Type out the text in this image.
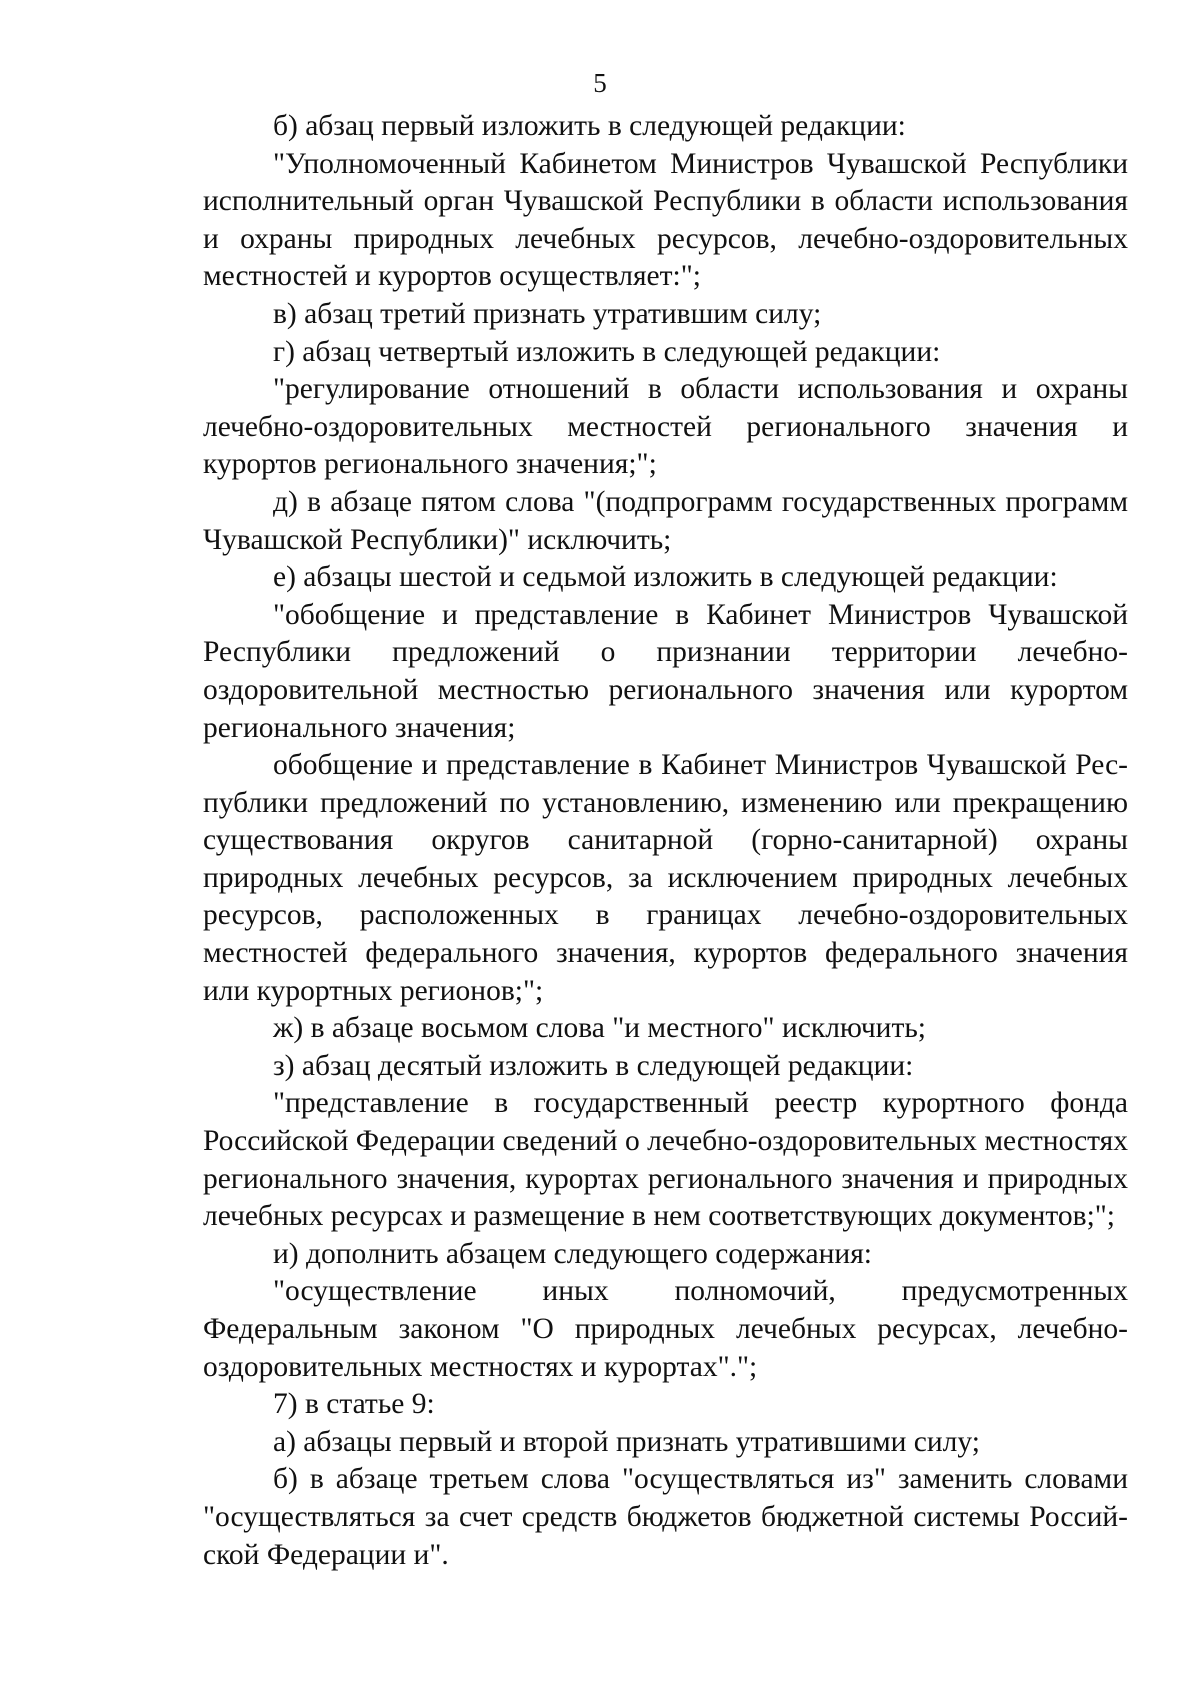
5

б) абзац первый изложить в следующей редакции:

"Уполномоченный Кабинетом Министров Чувашской Республики исполнительный орган Чувашской Республики в области использования и охраны природных лечебных ресурсов, лечебно-оздоровительных местностей и курортов осуществляет:";

в) абзац третий признать утратившим силу;

г) абзац четвертый изложить в следующей редакции:

"регулирование отношений в области использования и охраны лечебно-оздоровительных местностей регионального значения и курортов регионального значения;";

д) в абзаце пятом слова "(подпрограмм государственных программ Чувашской Республики)" исключить;

е) абзацы шестой и седьмой изложить в следующей редакции:

"обобщение и представление в Кабинет Министров Чувашской Республики предложений о признании территории лечебно-оздоровительной местностью регионального значения или курортом регионального значения;

обобщение и представление в Кабинет Министров Чувашской Республики предложений по установлению, изменению или прекращению существования округов санитарной (горно-санитарной) охраны природных лечебных ресурсов, за исключением природных лечебных ресурсов, расположенных в границах лечебно-оздоровительных местностей федерального значения, курортов федерального значения или курортных регионов;";

ж) в абзаце восьмом слова "и местного" исключить;

з) абзац десятый изложить в следующей редакции:

"представление в государственный реестр курортного фонда Российской Федерации сведений о лечебно-оздоровительных местностях регионального значения, курортах регионального значения и природных лечебных ресурсах и размещение в нем соответствующих документов;";

и) дополнить абзацем следующего содержания:

"осуществление иных полномочий, предусмотренных Федеральным законом "О природных лечебных ресурсах, лечебно-оздоровительных местностях и курортах".";

7) в статье 9:

а) абзацы первый и второй признать утратившими силу;

б) в абзаце третьем слова "осуществляться из" заменить словами "осуществляться за счет средств бюджетов бюджетной системы Российской Федерации и".
